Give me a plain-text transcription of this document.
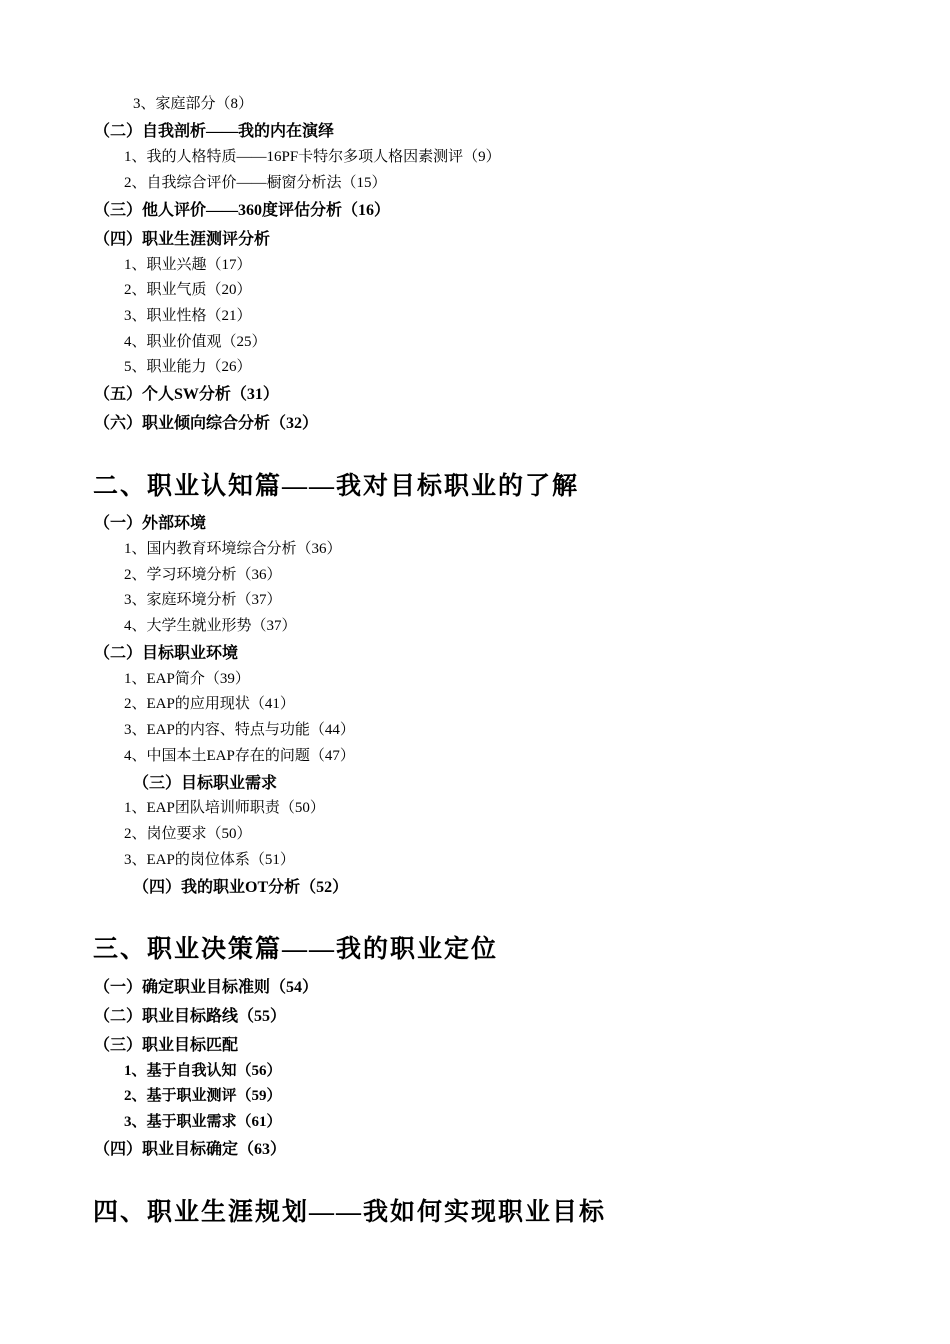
3、家庭部分（8）
（二）自我剖析——我的内在演绎
1、我的人格特质——16PF卡特尔多项人格因素测评（9）
2、自我综合评价——橱窗分析法（15）
（三）他人评价——360度评估分析（16）
（四）职业生涯测评分析
1、职业兴趣（17）
2、职业气质（20）
3、职业性格（21）
4、职业价值观（25）
5、职业能力（26）
（五）个人SW分析（31）
（六）职业倾向综合分析（32）
二、职业认知篇——我对目标职业的了解
（一）外部环境
1、国内教育环境综合分析（36）
2、学习环境分析（36）
3、家庭环境分析（37）
4、大学生就业形势（37）
（二）目标职业环境
1、EAP简介（39）
2、EAP的应用现状（41）
3、EAP的内容、特点与功能（44）
4、中国本土EAP存在的问题（47）
（三）目标职业需求
1、EAP团队培训师职责（50）
2、岗位要求（50）
3、EAP的岗位体系（51）
（四）我的职业OT分析（52）
三、职业决策篇——我的职业定位
（一）确定职业目标准则（54）
（二）职业目标路线（55）
（三）职业目标匹配
1、基于自我认知（56）
2、基于职业测评（59）
3、基于职业需求（61）
（四）职业目标确定（63）
四、职业生涯规划——我如何实现职业目标
